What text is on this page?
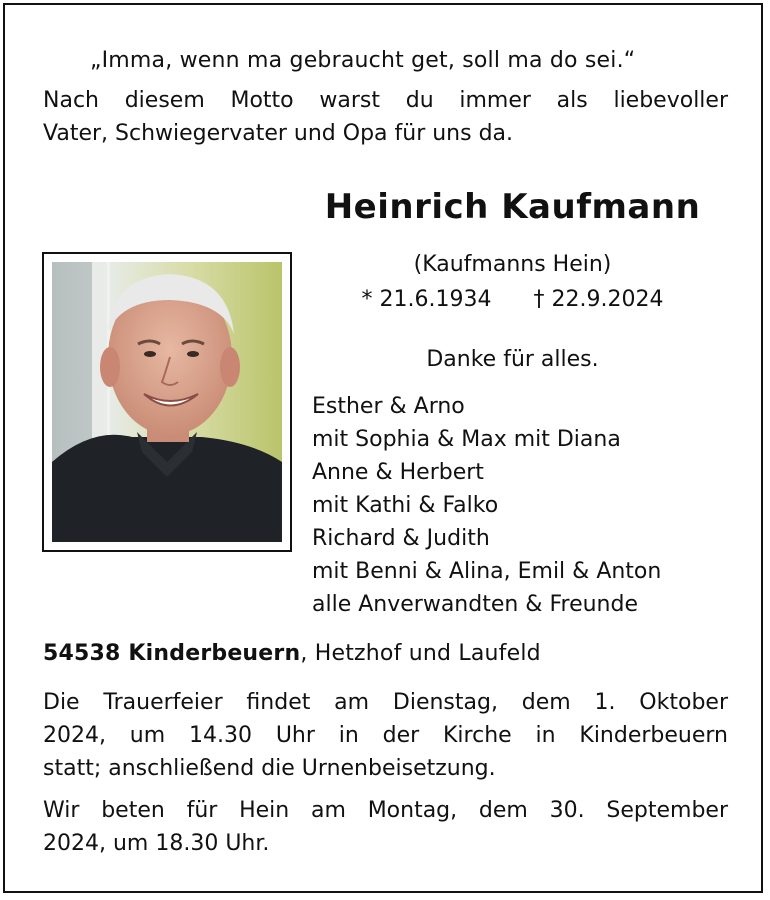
„Imma, wenn ma gebraucht get, soll ma do sei.“
Nach diesem Motto warst du immer als liebevoller
Vater, Schwiegervater und Opa für uns da.
Heinrich Kaufmann
(Kaufmanns Hein)
* 21.6.1934 † 22.9.2024
Danke für alles.
Esther & Arno
mit Sophia & Max mit Diana
Anne & Herbert
mit Kathi & Falko
Richard & Judith
mit Benni & Alina, Emil & Anton
alle Anverwandten & Freunde
54538 Kinderbeuern, Hetzhof und Laufeld
Die Trauerfeier findet am Dienstag, dem 1. Oktober
2024, um 14.30 Uhr in der Kirche in Kinderbeuern
statt; anschließend die Urnenbeisetzung.
Wir beten für Hein am Montag, dem 30. September
2024, um 18.30 Uhr.
